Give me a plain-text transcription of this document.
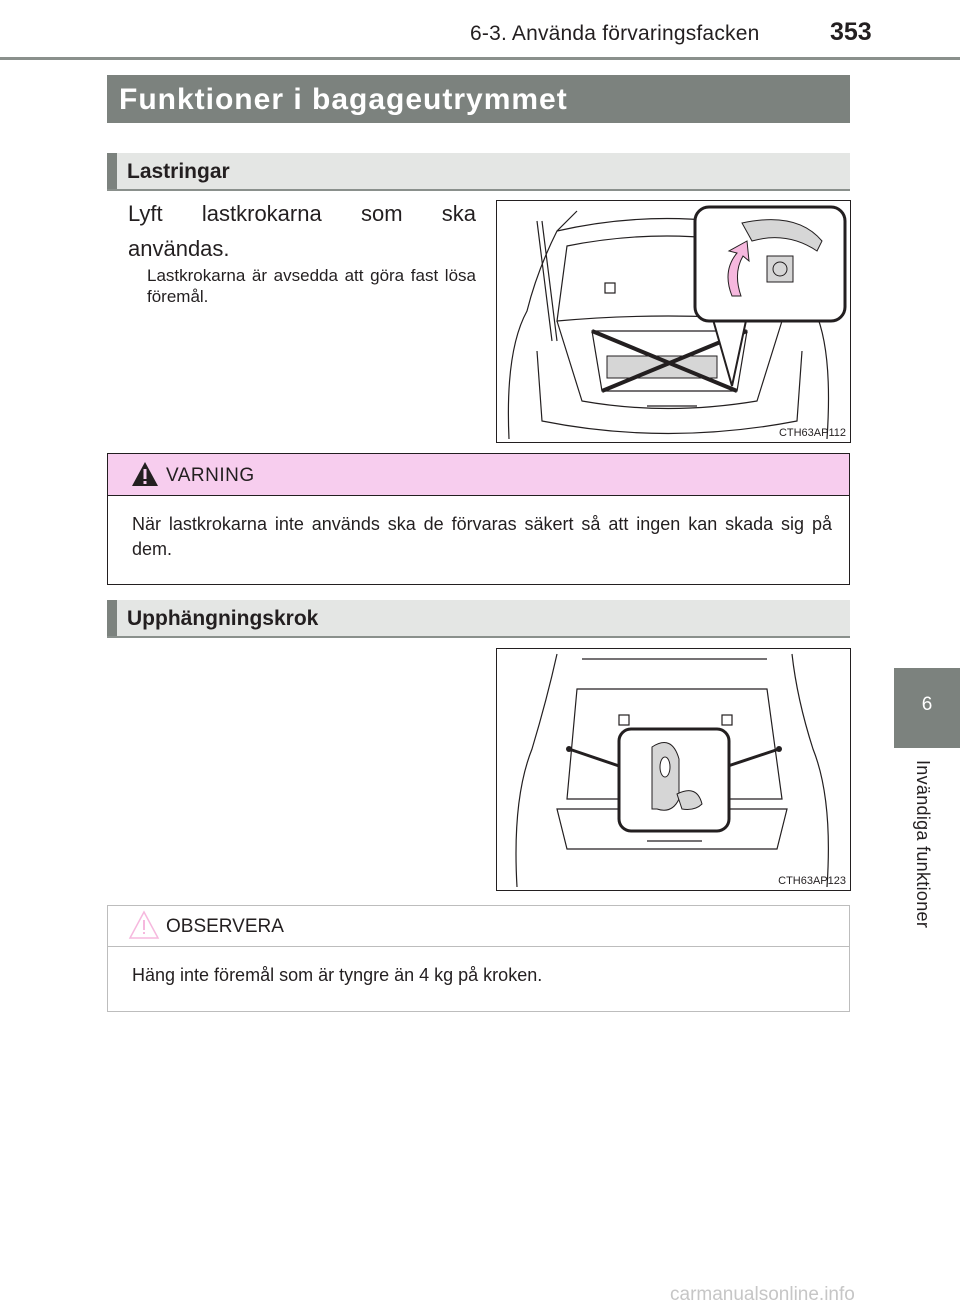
6-3. Använda förvaringsfacken	353
6
Invändiga funktioner
Funktioner i bagageutrymmet
Lastringar
Lyft lastkrokarna som ska användas.
Lastkrokarna är avsedda att göra fast lösa föremål.
CTH63AP112
VARNING
När lastkrokarna inte används ska de förvaras säkert så att ingen kan skada sig på dem.
Upphängningskrok
CTH63AP123
OBSERVERA
Häng inte föremål som är tyngre än 4 kg på kroken.
carmanualsonline.info
